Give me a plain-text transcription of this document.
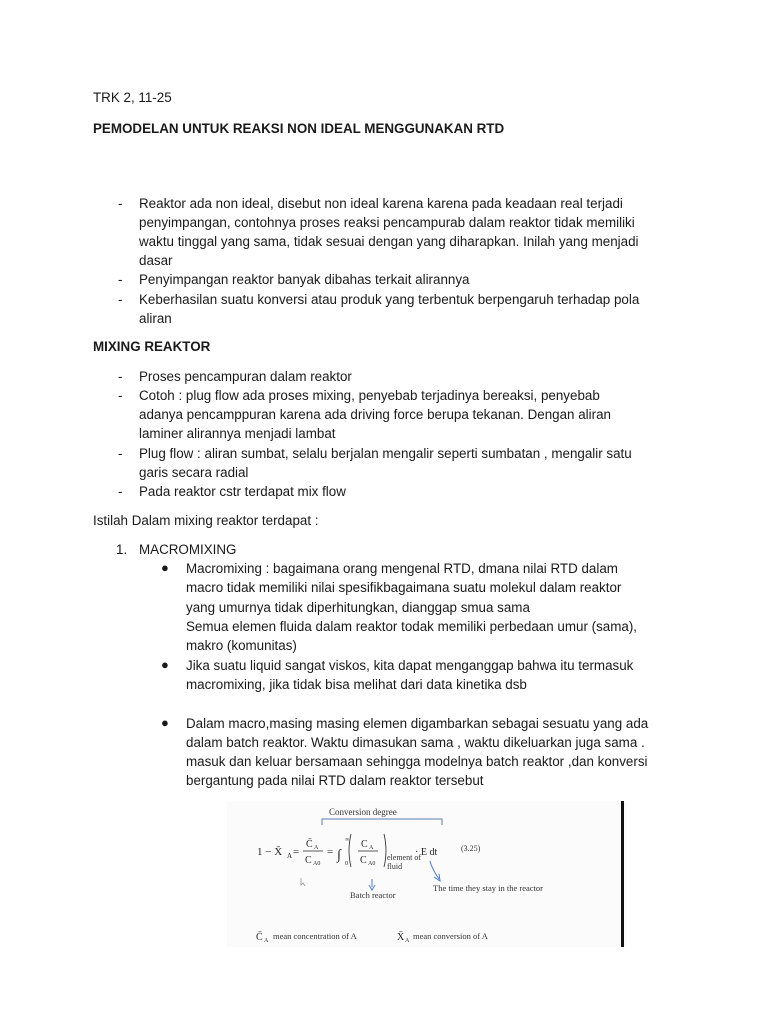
TRK 2, 11-25
PEMODELAN UNTUK REAKSI NON IDEAL MENGGUNAKAN RTD
- Reaktor ada non ideal, disebut non ideal karena karena pada keadaan real terjadi
penyimpangan, contohnya proses reaksi pencampurab dalam reaktor tidak memiliki
waktu tinggal yang sama, tidak sesuai dengan yang diharapkan. Inilah yang menjadi
dasar
- Penyimpangan reaktor banyak dibahas terkait alirannya
- Keberhasilan suatu konversi atau produk yang terbentuk berpengaruh terhadap pola
aliran
MIXING REAKTOR
- Proses pencampuran dalam reaktor
- Cotoh : plug flow ada proses mixing, penyebab terjadinya bereaksi, penyebab
adanya pencamppuran karena ada driving force berupa tekanan. Dengan aliran
laminer alirannya menjadi lambat
- Plug flow : aliran sumbat, selalu berjalan mengalir seperti sumbatan , mengalir satu
garis secara radial
- Pada reaktor cstr terdapat mix flow
Istilah Dalam mixing reaktor terdapat :
1. MACROMIXING
● Macromixing : bagaimana orang mengenal RTD, dmana nilai RTD dalam
macro tidak memiliki nilai spesifikbagaimana suatu molekul dalam reaktor
yang umurnya tidak diperhitungkan, dianggap smua sama
Semua elemen fluida dalam reaktor todak memiliki perbedaan umur (sama),
makro (komunitas)
● Jika suatu liquid sangat viskos, kita dapat menganggap bahwa itu termasuk
macromixing, jika tidak bisa melihat dari data kinetika dsb
● Dalam macro,masing masing elemen digambarkan sebagai sesuatu yang ada
dalam batch reaktor. Waktu dimasukan sama , waktu dikeluarkan juga sama .
masuk dan keluar bersamaan sehingga modelnya batch reaktor ,dan konversi
bergantung pada nilai RTD dalam reaktor tersebut
1 − X̄ A =
C̄ A
C A0
= ∫
∞
0
C A
C A0
· E dt	(3.25)
C̄ A	X̄ A
Conversion degree
element of fluid
Batch reactor
The time they stay in the reactor
mean concentration of A	mean conversion of A
